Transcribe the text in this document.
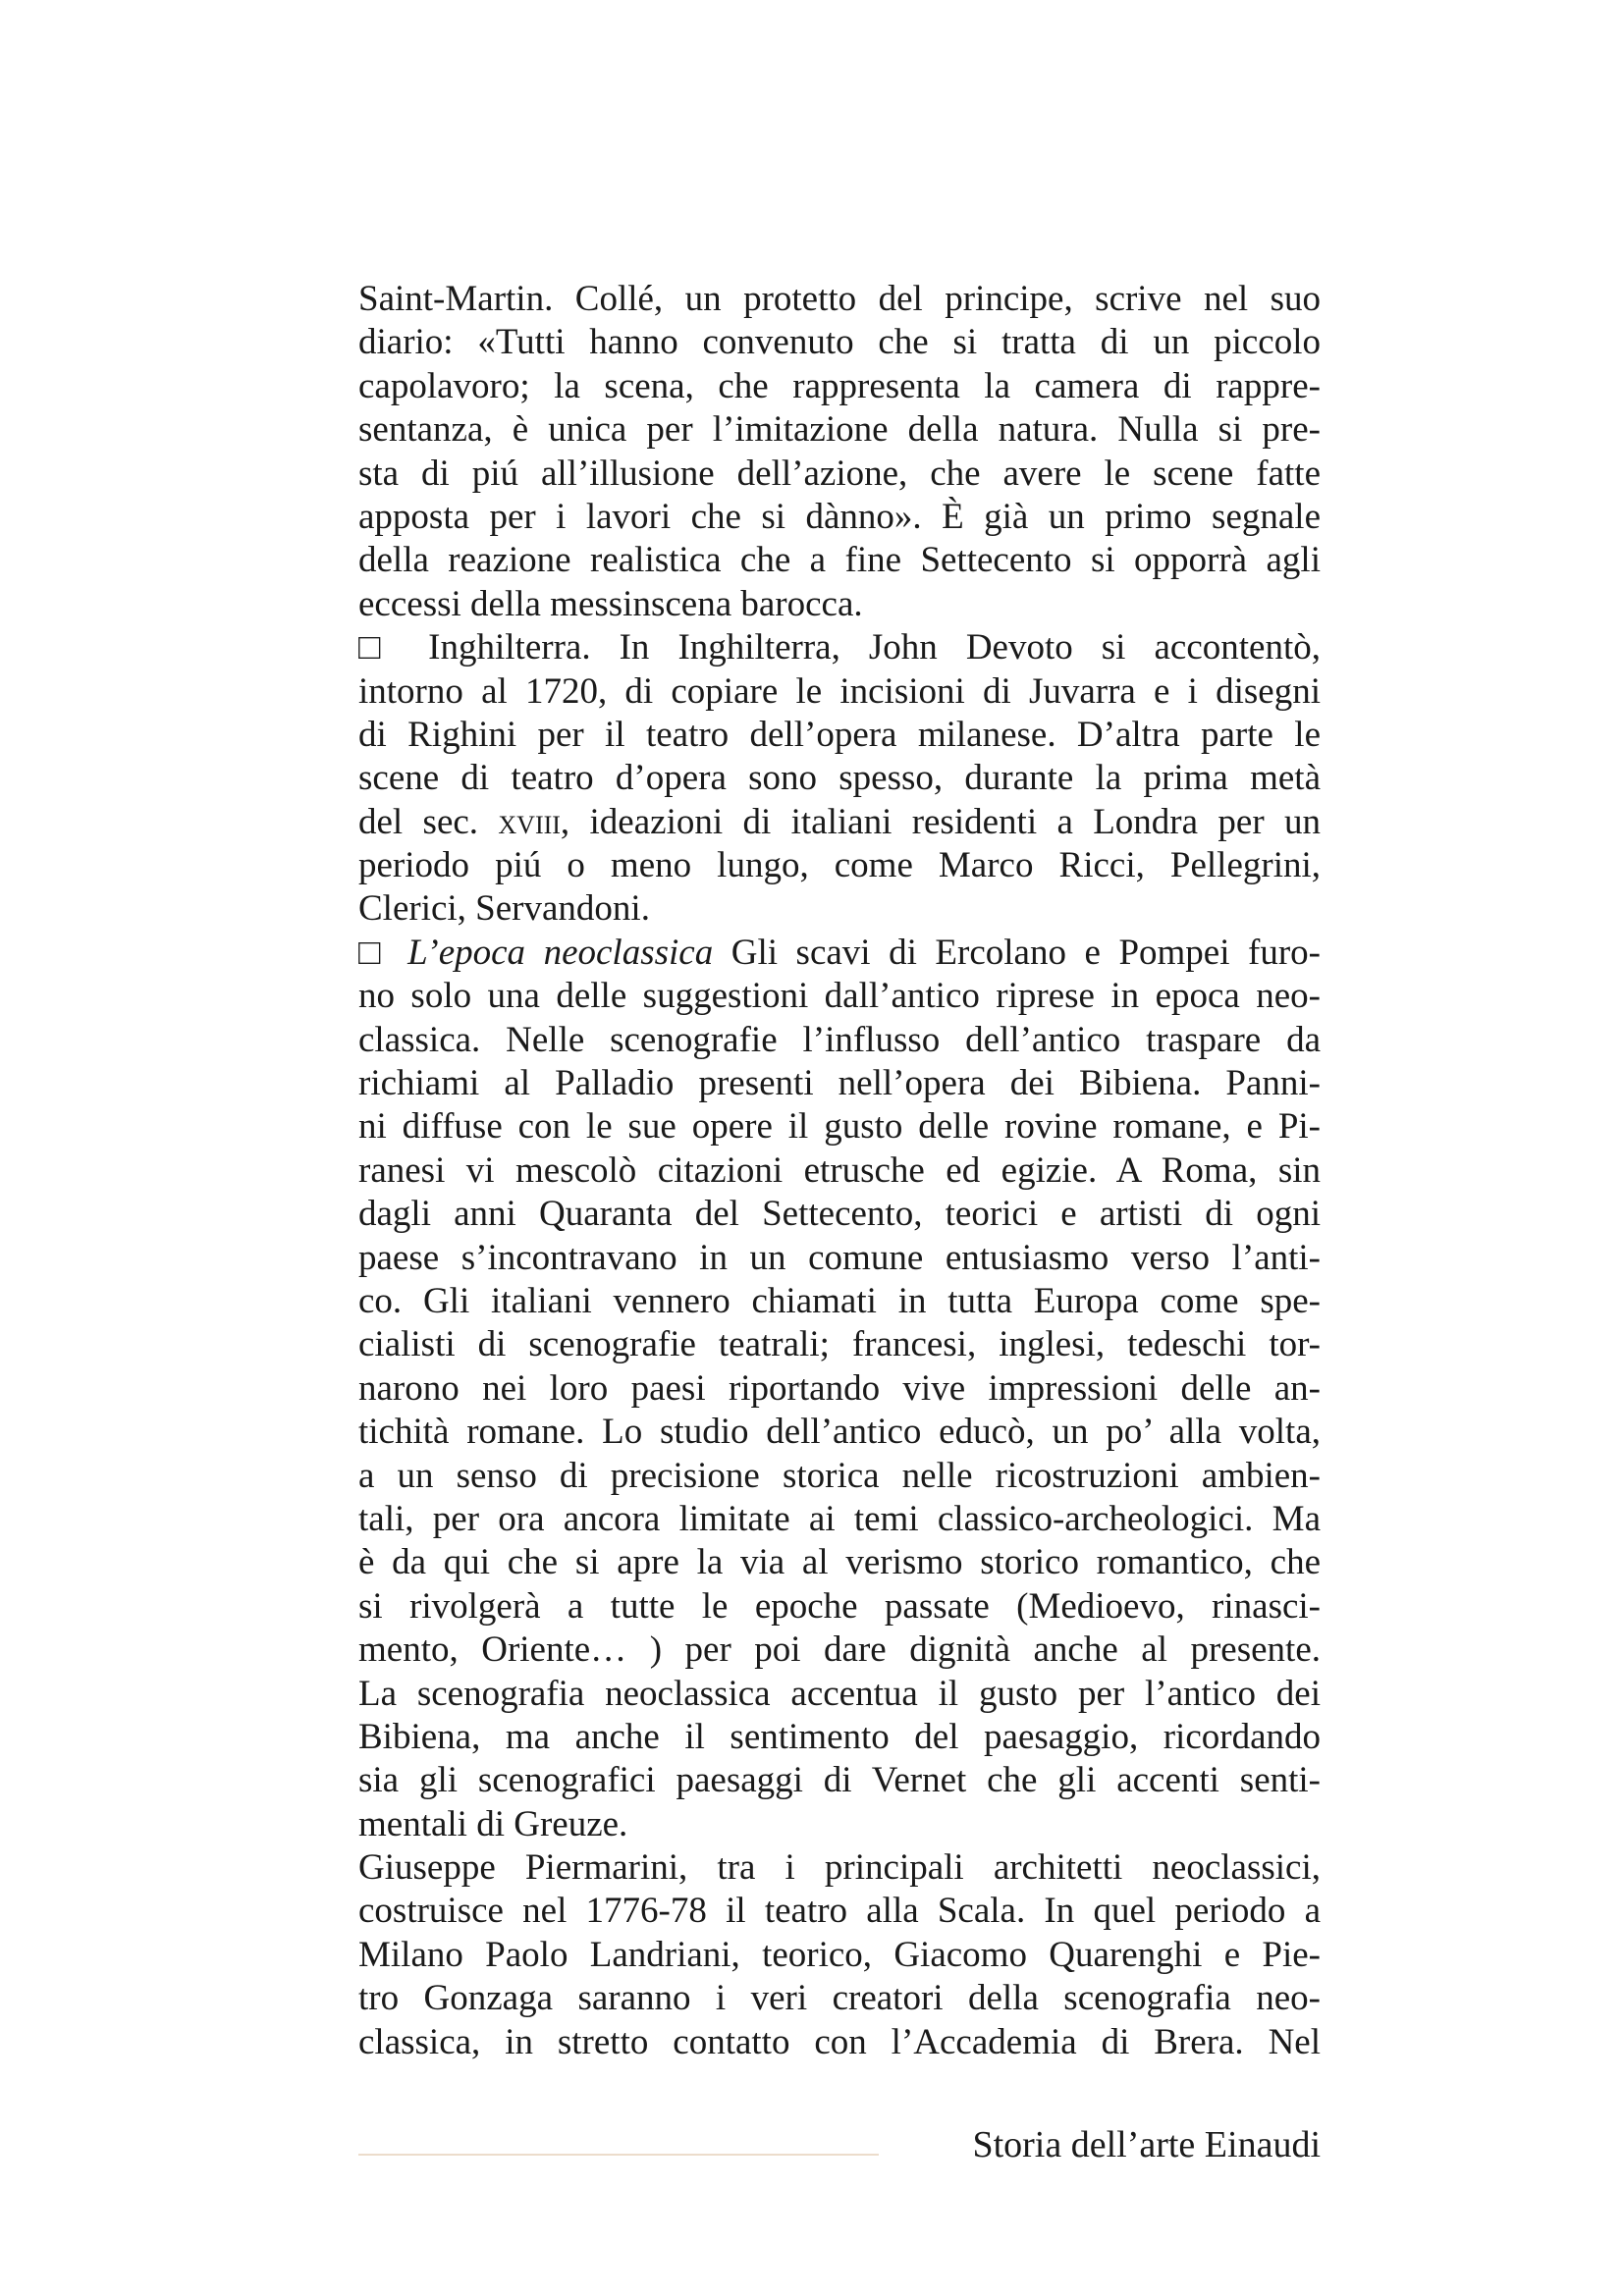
Saint-Martin. Collé, un protetto del principe, scrive nel suo
diario: «Tutti hanno convenuto che si tratta di un piccolo
capolavoro; la scena, che rappresenta la camera di rappre-
sentanza, è unica per l’imitazione della natura. Nulla si pre-
sta di piú all’illusione dell’azione, che avere le scene fatte
apposta per i lavori che si dànno». È già un primo segnale
della reazione realistica che a fine Settecento si opporrà agli
eccessi della messinscena barocca.
□ Inghilterra. In Inghilterra, John Devoto si accontentò,
intorno al 1720, di copiare le incisioni di Juvarra e i disegni
di Righini per il teatro dell’opera milanese. D’altra parte le
scene di teatro d’opera sono spesso, durante la prima metà
del sec. xviii, ideazioni di italiani residenti a Londra per un
periodo piú o meno lungo, come Marco Ricci, Pellegrini,
Clerici, Servandoni.
□ L’epoca neoclassica Gli scavi di Ercolano e Pompei furo-
no solo una delle suggestioni dall’antico riprese in epoca neo-
classica. Nelle scenografie l’influsso dell’antico traspare da
richiami al Palladio presenti nell’opera dei Bibiena. Panni-
ni diffuse con le sue opere il gusto delle rovine romane, e Pi-
ranesi vi mescolò citazioni etrusche ed egizie. A Roma, sin
dagli anni Quaranta del Settecento, teorici e artisti di ogni
paese s’incontravano in un comune entusiasmo verso l’anti-
co. Gli italiani vennero chiamati in tutta Europa come spe-
cialisti di scenografie teatrali; francesi, inglesi, tedeschi tor-
narono nei loro paesi riportando vive impressioni delle an-
tichità romane. Lo studio dell’antico educò, un po’ alla volta,
a un senso di precisione storica nelle ricostruzioni ambien-
tali, per ora ancora limitate ai temi classico-archeologici. Ma
è da qui che si apre la via al verismo storico romantico, che
si rivolgerà a tutte le epoche passate (Medioevo, rinasci-
mento, Oriente… ) per poi dare dignità anche al presente.
La scenografia neoclassica accentua il gusto per l’antico dei
Bibiena, ma anche il sentimento del paesaggio, ricordando
sia gli scenografici paesaggi di Vernet che gli accenti senti-
mentali di Greuze.
Giuseppe Piermarini, tra i principali architetti neoclassici,
costruisce nel 1776-78 il teatro alla Scala. In quel periodo a
Milano Paolo Landriani, teorico, Giacomo Quarenghi e Pie-
tro Gonzaga saranno i veri creatori della scenografia neo-
classica, in stretto contatto con l’Accademia di Brera. Nel
Storia dell’arte Einaudi
